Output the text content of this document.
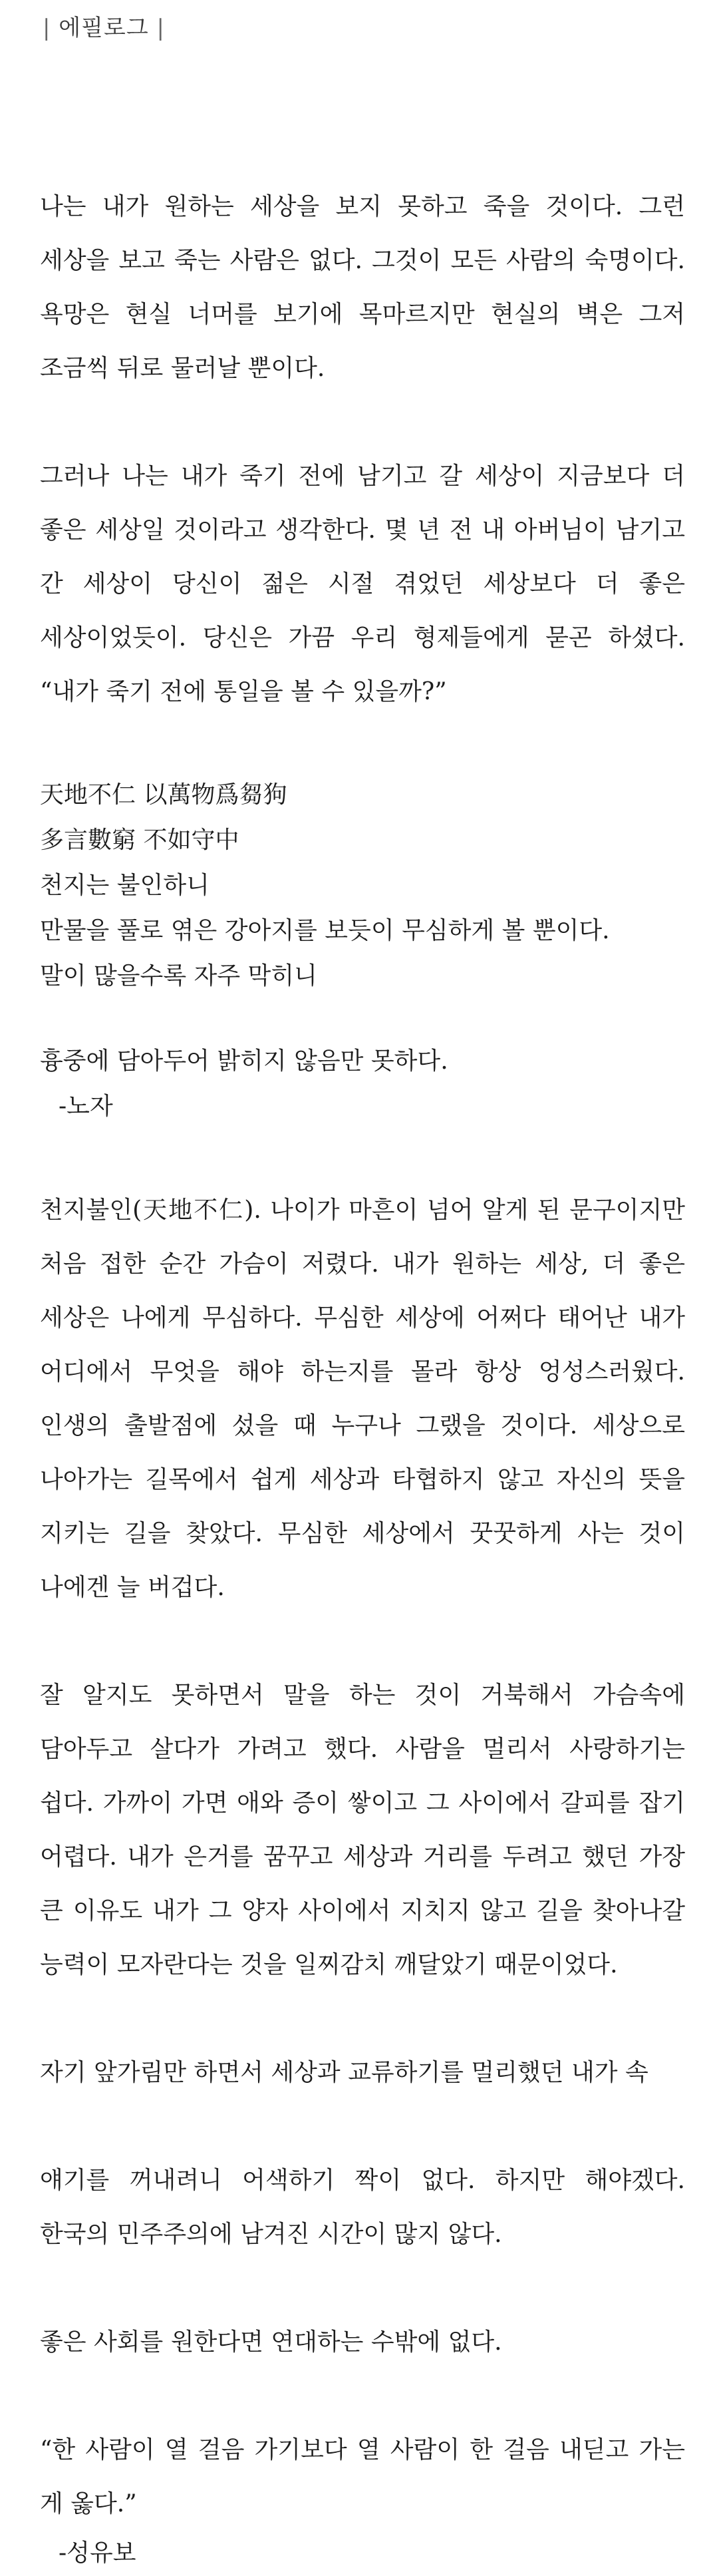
| 에필로그 |

나는 내가 원하는 세상을 보지 못하고 죽을 것이다. 그런 세상을 보고 죽는 사람은 없다. 그것이 모든 사람의 숙명이다. 욕망은 현실 너머를 보기에 목마르지만 현실의 벽은 그저 조금씩 뒤로 물러날 뿐이다.

그러나 나는 내가 죽기 전에 남기고 갈 세상이 지금보다 더 좋은 세상일 것이라고 생각한다. 몇 년 전 내 아버님이 남기고 간 세상이 당신이 젊은 시절 겪었던 세상보다 더 좋은 세상이었듯이. 당신은 가끔 우리 형제들에게 묻곤 하셨다. “내가 죽기 전에 통일을 볼 수 있을까?”

天地不仁 以萬物爲芻狗

多言數窮 不如守中

천지는 불인하니

만물을 풀로 엮은 강아지를 보듯이 무심하게 볼 뿐이다.

말이 많을수록 자주 막히니

흉중에 담아두어 밝히지 않음만 못하다.

-노자

천지불인(天地不仁). 나이가 마흔이 넘어 알게 된 문구이지만 처음 접한 순간 가슴이 저렸다. 내가 원하는 세상, 더 좋은 세상은 나에게 무심하다. 무심한 세상에 어쩌다 태어난 내가 어디에서 무엇을 해야 하는지를 몰라 항상 엉성스러웠다. 인생의 출발점에 섰을 때 누구나 그랬을 것이다. 세상으로 나아가는 길목에서 쉽게 세상과 타협하지 않고 자신의 뜻을 지키는 길을 찾았다. 무심한 세상에서 꿋꿋하게 사는 것이 나에겐 늘 버겁다.

잘 알지도 못하면서 말을 하는 것이 거북해서 가슴속에 담아두고 살다가 가려고 했다. 사람을 멀리서 사랑하기는 쉽다. 가까이 가면 애와 증이 쌓이고 그 사이에서 갈피를 잡기 어렵다. 내가 은거를 꿈꾸고 세상과 거리를 두려고 했던 가장 큰 이유도 내가 그 양자 사이에서 지치지 않고 길을 찾아나갈 능력이 모자란다는 것을 일찌감치 깨달았기 때문이었다.

자기 앞가림만 하면서 세상과 교류하기를 멀리했던 내가 속

얘기를 꺼내려니 어색하기 짝이 없다. 하지만 해야겠다. 한국의 민주주의에 남겨진 시간이 많지 않다.

좋은 사회를 원한다면 연대하는 수밖에 없다.

“한 사람이 열 걸음 가기보다 열 사람이 한 걸음 내딛고 가는 게 옳다.”

-성유보
